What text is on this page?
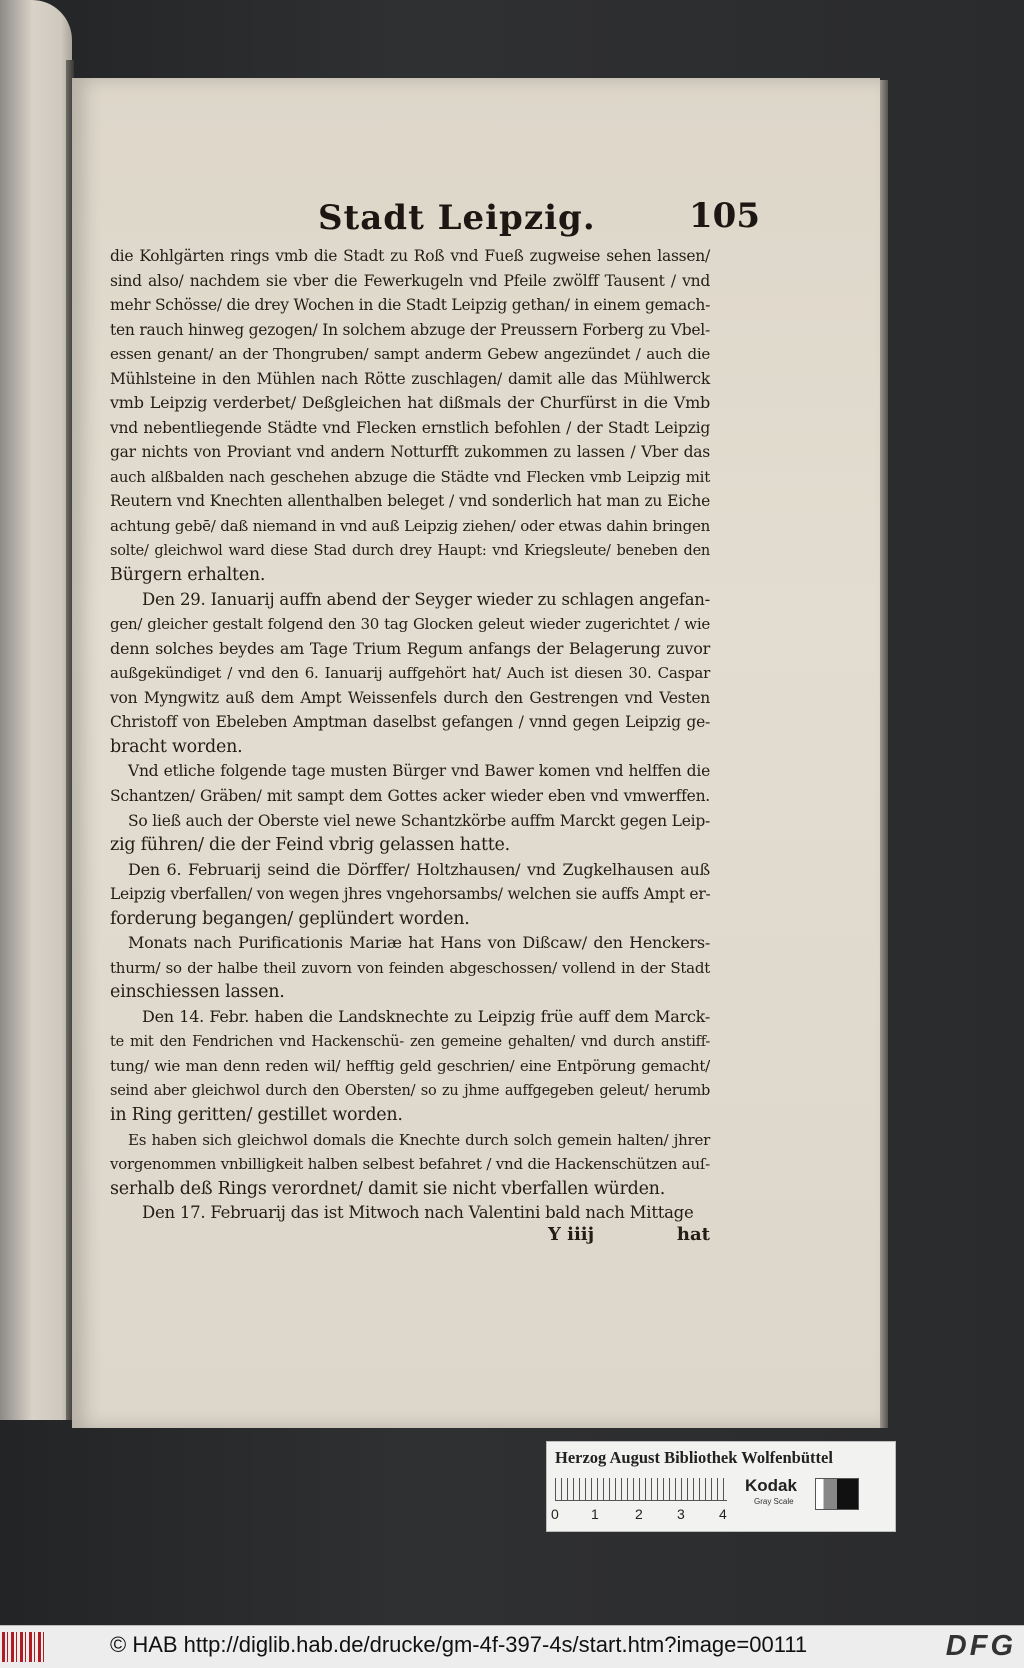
Stadt Leipzig.	105
die Kohlgärten rings vmb die Stadt zu Roß vnd Fueß zugweise sehen lassen/
sind also/ nachdem sie vber die Fewerkugeln vnd Pfeile zwölff Tausent / vnd
mehr Schösse/ die drey Wochen in die Stadt Leipzig gethan/ in einem gemach-
ten rauch hinweg gezogen/ In solchem abzuge der Preussern Forberg zu Vbel-
essen genant/ an der Thongruben/ sampt anderm Gebew angezündet / auch die
Mühlsteine in den Mühlen nach Rötte zuschlagen/ damit alle das Mühlwerck
vmb Leipzig verderbet/ Deßgleichen hat dißmals der Churfürst in die Vmb
vnd nebentliegende Städte vnd Flecken ernstlich befohlen / der Stadt Leipzig
gar nichts von Proviant vnd andern Notturfft zukommen zu lassen / Vber das
auch alßbalden nach geschehen abzuge die Städte vnd Flecken vmb Leipzig mit
Reutern vnd Knechten allenthalben beleget / vnd sonderlich hat man zu Eiche
achtung gebē/ daß niemand in vnd auß Leipzig ziehen/ oder etwas dahin bringen
solte/ gleichwol ward diese Stad durch drey Haupt: vnd Kriegsleute/ beneben den
Bürgern erhalten.
Den 29. Ianuarij auffn abend der Seyger wieder zu schlagen angefan-
gen/ gleicher gestalt folgend den 30 tag Glocken geleut wieder zugerichtet / wie
denn solches beydes am Tage Trium Regum anfangs der Belagerung zuvor
außgekündiget / vnd den 6. Ianuarij auffgehört hat/ Auch ist diesen 30. Caspar
von Myngwitz auß dem Ampt Weissenfels durch den Gestrengen vnd Vesten
Christoff von Ebeleben Amptman daselbst gefangen / vnnd gegen Leipzig ge-
bracht worden.
Vnd etliche folgende tage musten Bürger vnd Bawer komen vnd helffen die
Schantzen/ Gräben/ mit sampt dem Gottes acker wieder eben vnd vmwerffen.
So ließ auch der Oberste viel newe Schantzkörbe auffm Marckt gegen Leip-
zig führen/ die der Feind vbrig gelassen hatte.
Den 6. Februarij seind die Dörffer/ Holtzhausen/ vnd Zugkelhausen auß
Leipzig vberfallen/ von wegen jhres vngehorsambs/ welchen sie auffs Ampt er-
forderung begangen/ geplündert worden.
Monats nach Purificationis Mariæ hat Hans von Dißcaw/ den Henckers-
thurm/ so der halbe theil zuvorn von feinden abgeschossen/ vollend in der Stadt
einschiessen lassen.
Den 14. Febr. haben die Landsknechte zu Leipzig früe auff dem Marck-
te mit den Fendrichen vnd Hackenschü- zen gemeine gehalten/ vnd durch anstiff-
tung/ wie man denn reden wil/ hefftig geld geschrien/ eine Entpörung gemacht/
seind aber gleichwol durch den Obersten/ so zu jhme auffgegeben geleut/ herumb
in Ring geritten/ gestillet worden.
Es haben sich gleichwol domals die Knechte durch solch gemein halten/ jhrer
vorgenommen vnbilligkeit halben selbest befahret / vnd die Hackenschützen auſ-
serhalb deß Rings verordnet/ damit sie nicht vberfallen würden.
Den 17. Februarij das ist Mitwoch nach Valentini bald nach Mittage
Y iiij	hat
Herzog August Bibliothek Wolfenbüttel
0 1	2 3 4
Kodak
Gray Scale
© HAB http://diglib.hab.de/drucke/gm-4f-397-4s/start.htm?image=00111	DFG
